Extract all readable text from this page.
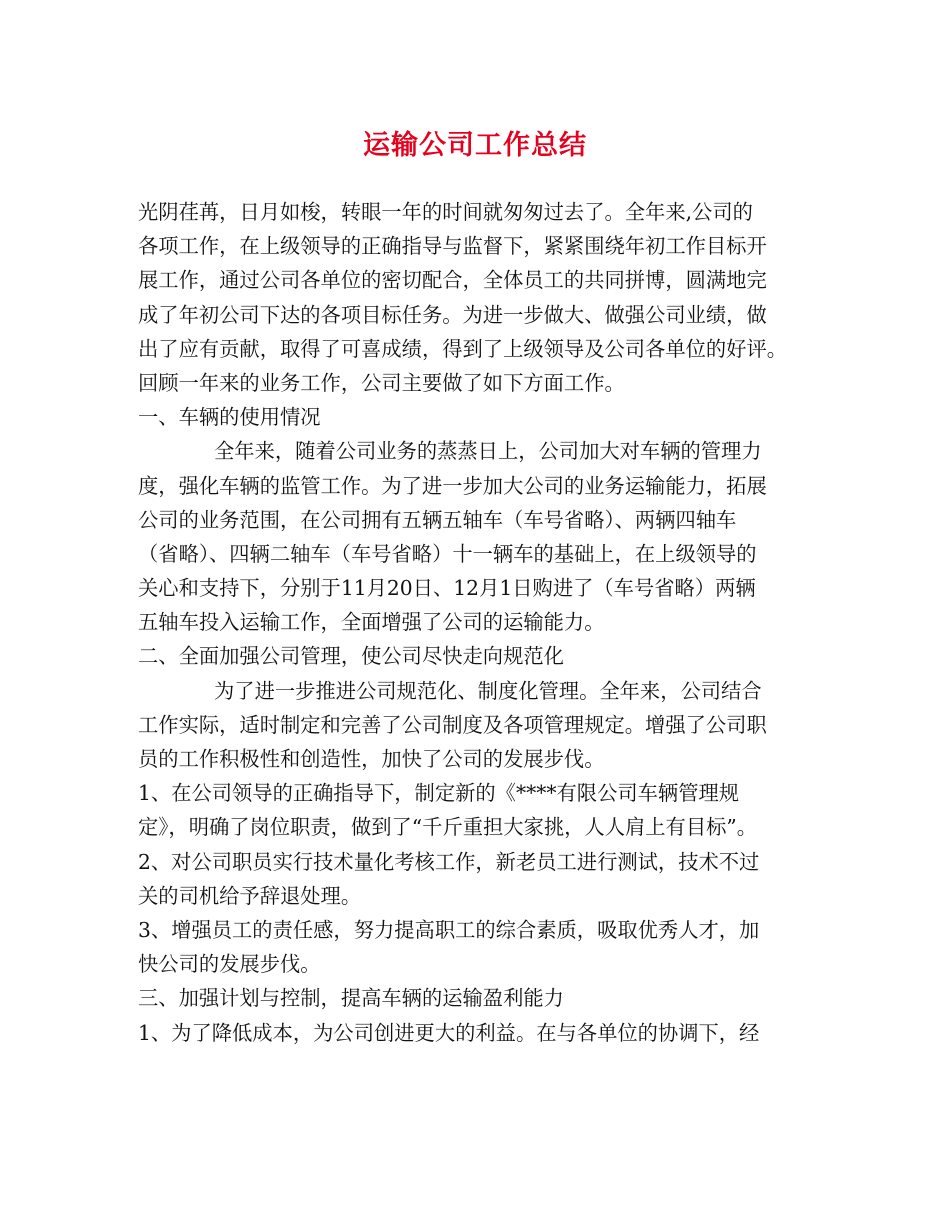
运输公司工作总结
光阴荏苒，日月如梭，转眼一年的时间就匆匆过去了。全年来,公司的
各项工作，在上级领导的正确指导与监督下，紧紧围绕年初工作目标开
展工作，通过公司各单位的密切配合，全体员工的共同拼博，圆满地完
成了年初公司下达的各项目标任务。为进一步做大、做强公司业绩，做
出了应有贡献，取得了可喜成绩，得到了上级领导及公司各单位的好评。
回顾一年来的业务工作，公司主要做了如下方面工作。
一、车辆的使用情况
全年来，随着公司业务的蒸蒸日上，公司加大对车辆的管理力
度，强化车辆的监管工作。为了进一步加大公司的业务运输能力，拓展
公司的业务范围，在公司拥有五辆五轴车（车号省略）、两辆四轴车
（省略）、四辆二轴车（车号省略）十一辆车的基础上，在上级领导的
关心和支持下，分别于11月20日、12月1日购进了（车号省略）两辆
五轴车投入运输工作，全面增强了公司的运输能力。
二、全面加强公司管理，使公司尽快走向规范化
为了进一步推进公司规范化、制度化管理。全年来，公司结合
工作实际，适时制定和完善了公司制度及各项管理规定。增强了公司职
员的工作积极性和创造性，加快了公司的发展步伐。
1、在公司领导的正确指导下，制定新的《****有限公司车辆管理规
定》，明确了岗位职责，做到了“千斤重担大家挑，人人肩上有目标”。
2、对公司职员实行技术量化考核工作，新老员工进行测试，技术不过
关的司机给予辞退处理。
3、增强员工的责任感，努力提高职工的综合素质，吸取优秀人才，加
快公司的发展步伐。
三、加强计划与控制，提高车辆的运输盈利能力
1、为了降低成本，为公司创进更大的利益。在与各单位的协调下，经
